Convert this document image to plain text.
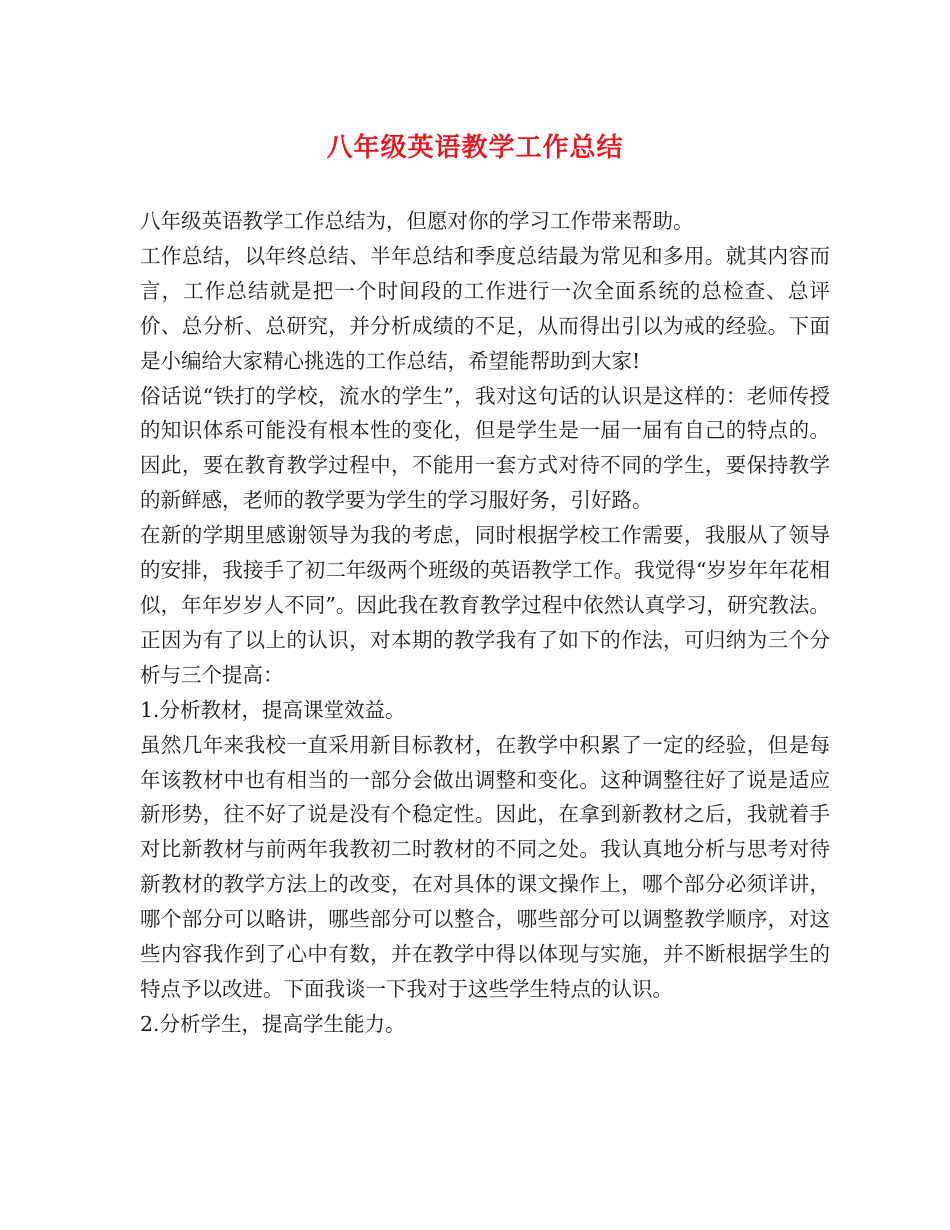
八年级英语教学工作总结

八年级英语教学工作总结为，但愿对你的学习工作带来帮助。

工作总结，以年终总结、半年总结和季度总结最为常见和多用。就其内容而言，工作总结就是把一个时间段的工作进行一次全面系统的总检查、总评价、总分析、总研究，并分析成绩的不足，从而得出引以为戒的经验。下面是小编给大家精心挑选的工作总结，希望能帮助到大家!

俗话说“铁打的学校，流水的学生”，我对这句话的认识是这样的：老师传授的知识体系可能没有根本性的变化，但是学生是一届一届有自己的特点的。因此，要在教育教学过程中，不能用一套方式对待不同的学生，要保持教学的新鲜感，老师的教学要为学生的学习服好务，引好路。

在新的学期里感谢领导为我的考虑，同时根据学校工作需要，我服从了领导的安排，我接手了初二年级两个班级的英语教学工作。我觉得“岁岁年年花相似，年年岁岁人不同”。因此我在教育教学过程中依然认真学习，研究教法。正因为有了以上的认识，对本期的教学我有了如下的作法，可归纳为三个分析与三个提高：

1.分析教材，提高课堂效益。

虽然几年来我校一直采用新目标教材，在教学中积累了一定的经验，但是每年该教材中也有相当的一部分会做出调整和变化。这种调整往好了说是适应新形势，往不好了说是没有个稳定性。因此，在拿到新教材之后，我就着手对比新教材与前两年我教初二时教材的不同之处。我认真地分析与思考对待新教材的教学方法上的改变，在对具体的课文操作上，哪个部分必须详讲，哪个部分可以略讲，哪些部分可以整合，哪些部分可以调整教学顺序，对这些内容我作到了心中有数，并在教学中得以体现与实施，并不断根据学生的特点予以改进。下面我谈一下我对于这些学生特点的认识。

2.分析学生，提高学生能力。
